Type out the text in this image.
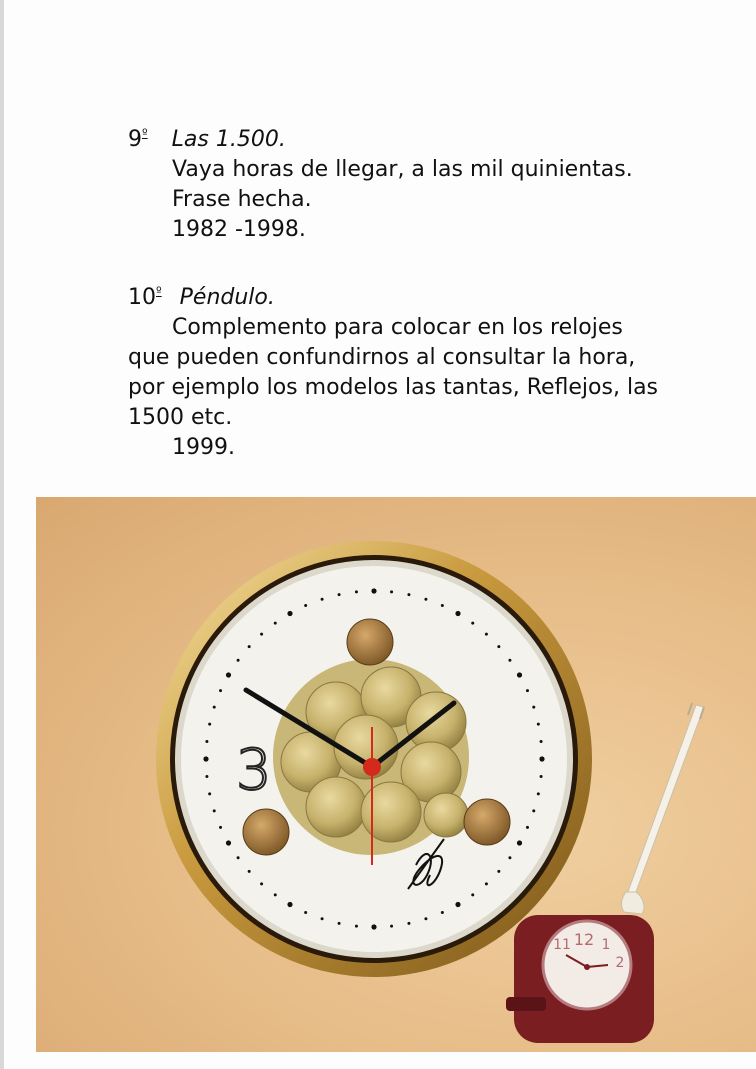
$9^º$ Las 1.500.
Vaya horas de llegar, a las mil quinientas.
Frase hecha.
1982 -1998.
$10^º$ Péndulo.
Complemento para colocar en los relojes
que pueden confundirnos al consultar la hora,
por ejemplo los modelos las tantas, Reflejos, las
1500 etc.
1999.
3
12
11 1
2
